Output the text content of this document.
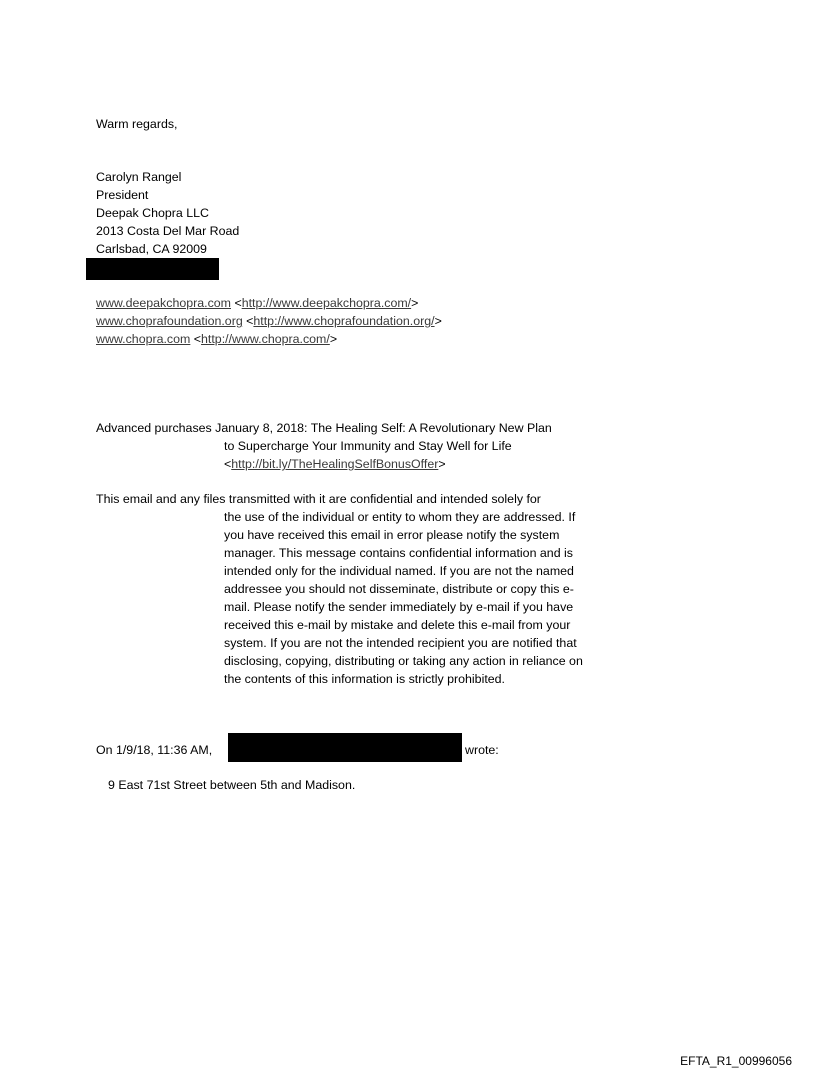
Warm regards,
Carolyn Rangel
President
Deepak Chopra LLC
2013 Costa Del Mar Road
Carlsbad, CA 92009
www.deepakchopra.com <http://www.deepakchopra.com/>
www.choprafoundation.org <http://www.choprafoundation.org/>
www.chopra.com <http://www.chopra.com/>
Advanced purchases January 8, 2018: The Healing Self: A Revolutionary New Plan
to Supercharge Your Immunity and Stay Well for Life
<http://bit.ly/TheHealingSelfBonusOffer>
This email and any files transmitted with it are confidential and intended solely for
the use of the individual or entity to whom they are addressed. If you have received this email in error please notify the system manager. This message contains confidential information and is intended only for the individual named. If you are not the named addressee you should not disseminate, distribute or copy this e-mail. Please notify the sender immediately by e-mail if you have received this e-mail by mistake and delete this e-mail from your system. If you are not the intended recipient you are notified that disclosing, copying, distributing or taking any action in reliance on the contents of this information is strictly prohibited.
On 1/9/18, 11:36 AM,	wrote:
9 East 71st Street between 5th and Madison.
EFTA_R1_00996056
